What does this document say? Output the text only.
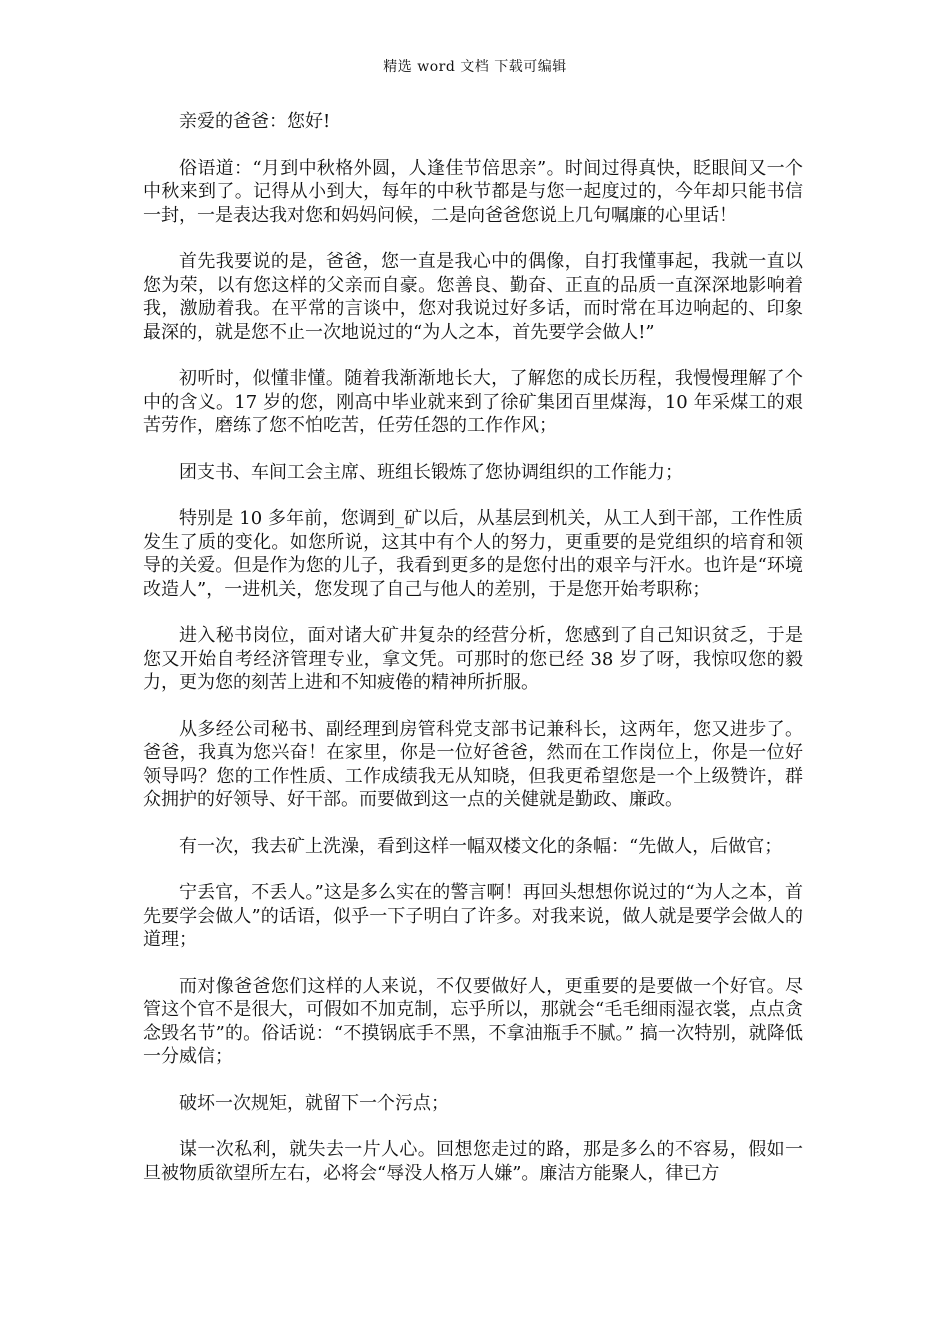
精选 word 文档 下载可编辑

亲爱的爸爸：您好!

俗语道：“月到中秋格外圆，人逢佳节倍思亲”。时间过得真快，眨眼间又一个中秋来到了。记得从小到大，每年的中秋节都是与您一起度过的，今年却只能书信一封，一是表达我对您和妈妈问候，二是向爸爸您说上几句嘱廉的心里话！

首先我要说的是，爸爸，您一直是我心中的偶像，自打我懂事起，我就一直以您为荣，以有您这样的父亲而自豪。您善良、勤奋、正直的品质一直深深地影响着我，激励着我。在平常的言谈中，您对我说过好多话，而时常在耳边响起的、印象最深的，就是您不止一次地说过的“为人之本，首先要学会做人!”

初听时，似懂非懂。随着我渐渐地长大，了解您的成长历程，我慢慢理解了个中的含义。17 岁的您，刚高中毕业就来到了徐矿集团百里煤海，10 年采煤工的艰苦劳作，磨练了您不怕吃苦，任劳任怨的工作作风；

团支书、车间工会主席、班组长锻炼了您协调组织的工作能力；

特别是 10 多年前，您调到_矿以后，从基层到机关，从工人到干部，工作性质发生了质的变化。如您所说，这其中有个人的努力，更重要的是党组织的培育和领导的关爱。但是作为您的儿子，我看到更多的是您付出的艰辛与汗水。也许是“环境改造人”，一进机关，您发现了自己与他人的差别，于是您开始考职称；

进入秘书岗位，面对诸大矿井复杂的经营分析，您感到了自己知识贫乏，于是您又开始自考经济管理专业，拿文凭。可那时的您已经 38 岁了呀，我惊叹您的毅力，更为您的刻苦上进和不知疲倦的精神所折服。

从多经公司秘书、副经理到房管科党支部书记兼科长，这两年，您又进步了。爸爸，我真为您兴奋！在家里，你是一位好爸爸，然而在工作岗位上，你是一位好领导吗？您的工作性质、工作成绩我无从知晓，但我更希望您是一个上级赞许，群众拥护的好领导、好干部。而要做到这一点的关健就是勤政、廉政。

有一次，我去矿上洗澡，看到这样一幅双楼文化的条幅：“先做人，后做官；

宁丢官，不丢人。”这是多么实在的警言啊！再回头想想你说过的“为人之本，首先要学会做人”的话语，似乎一下子明白了许多。对我来说，做人就是要学会做人的道理；

而对像爸爸您们这样的人来说，不仅要做好人，更重要的是要做一个好官。尽管这个官不是很大，可假如不加克制，忘乎所以，那就会“毛毛细雨湿衣裳，点点贪念毁名节”的。俗话说：“不摸锅底手不黑，不拿油瓶手不腻。” 搞一次特别，就降低一分威信；

破坏一次规矩，就留下一个污点；

谋一次私利，就失去一片人心。回想您走过的路，那是多么的不容易，假如一旦被物质欲望所左右，必将会“辱没人格万人嫌”。廉洁方能聚人，律已方
